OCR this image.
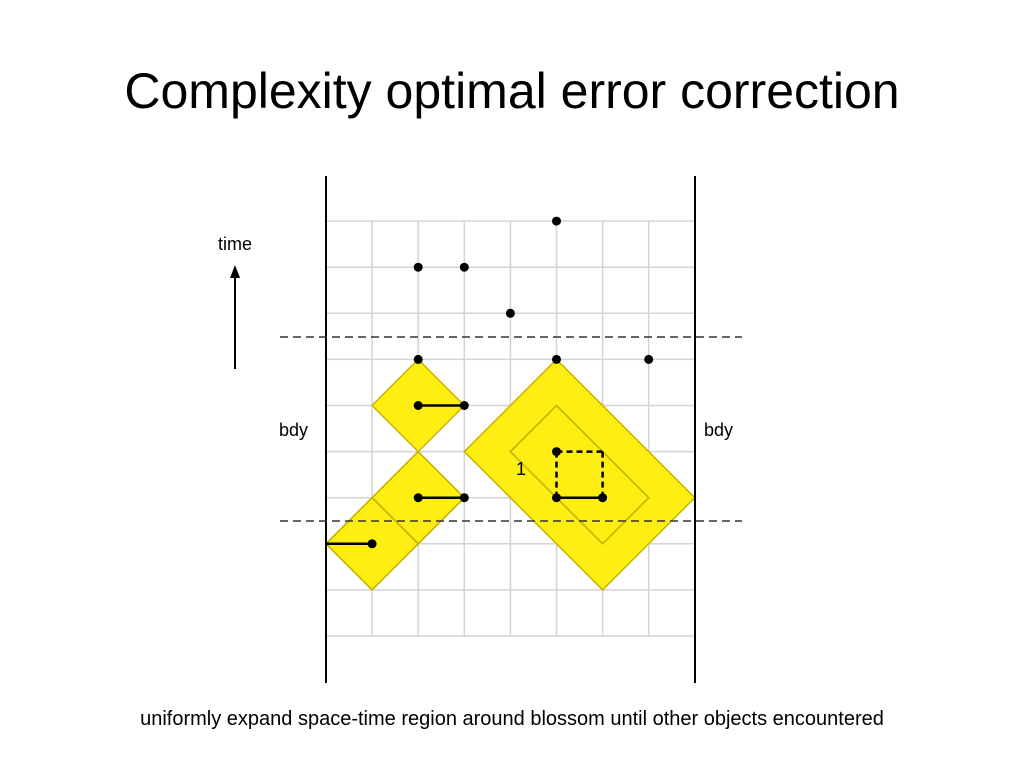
Complexity optimal error correction
time
bdy	bdy
1
uniformly expand space-time region around blossom until other objects encountered
